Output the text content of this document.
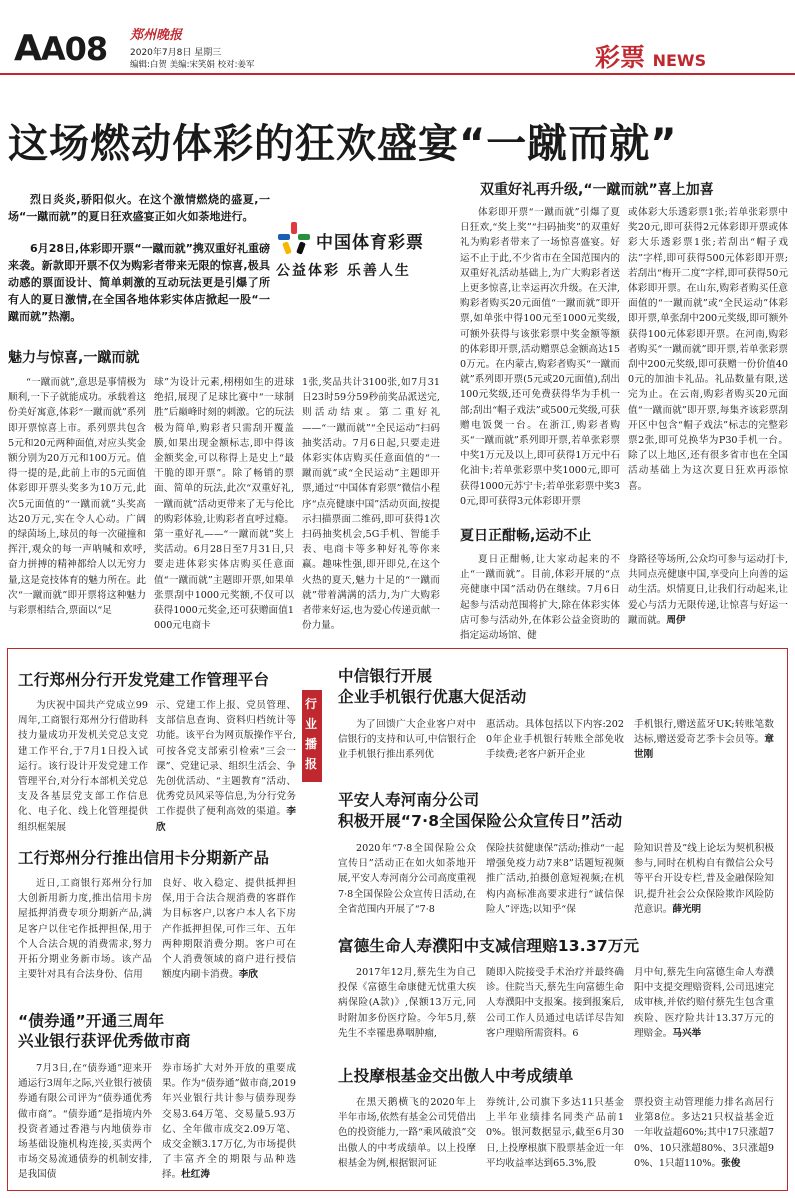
AA08 郑州晚报
2020年7月8日 星期三
编辑:白贺 美编:宋笑娟 校对:姜军	彩票 NEWS
这场燃动体彩的狂欢盛宴“一蹴而就”
烈日炎炎,骄阳似火。在这个激情燃烧的盛夏,一场“一蹴而就”的夏日狂欢盛宴正如火如荼地进行。
6月28日,体彩即开票“一蹴而就”携双重好礼重磅来袭。新款即开票不仅为购彩者带来无限的惊喜,极具动感的票面设计、简单刺激的互动玩法更是引爆了所有人的夏日激情,在全国各地体彩实体店掀起一股“一蹴而就”热潮。
中国体育彩票
公益体彩 乐善人生
魅力与惊喜,一蹴而就
“一蹴而就”,意思是事情极为顺利,一下子就能成功。承载着这份美好寓意,体彩“一蹴而就”系列即开票惊喜上市。系列票共包含5元和20元两种面值,对应头奖金额分别为20万元和100万元。值得一提的是,此前上市的5元面值体彩即开票头奖多为10万元,此次5元面值的“一蹴而就”头奖高达20万元,实在令人心动。广阔的绿茵场上,球员的每一次碰撞和挥汗,观众的每一声呐喊和欢呼,奋力拼搏的精神都给人以无穷力量,这是竞技体育的魅力所在。此次“一蹴而就”即开票将这种魅力与彩票相结合,票面以“足
球”为设计元素,栩栩如生的进球绝招,展现了足球比赛中“一球制胜”后巅峰时刻的刺激。它的玩法极为简单,购彩者只需刮开覆盖膜,如果出现金额标志,即中得该金额奖金,可以称得上是史上“最干脆的即开票”。除了畅销的票面、简单的玩法,此次“双重好礼,一蹴而就”活动更带来了无与伦比的购彩体验,让购彩者直呼过瘾。第一重好礼——“一蹴而就”奖上奖活动。6月28日至7月31日,只要走进体彩实体店购买任意面值“一蹴而就”主题即开票,如果单张票刮中1000元奖额,不仅可以获得1000元奖金,还可获赠面值1000元电商卡
1张,奖品共计3100张,如7月31日23时59分59秒前奖品派送完,则活动结束。第二重好礼——“一蹴而就”“全民运动”扫码抽奖活动。7月6日起,只要走进体彩实体店购买任意面值的“一蹴而就”或“全民运动”主题即开票,通过“中国体育彩票”微信小程序“点亮健康中国”活动页面,按提示扫描票面二维码,即可获得1次扫码抽奖机会,5G手机、智能手表、电商卡等多种好礼等你来赢。趣味性强,即开即兑,在这个火热的夏天,魅力十足的“一蹴而就”带着满满的活力,为广大购彩者带来好运,也为爱心传递贡献一份力量。
双重好礼再升级,“一蹴而就”喜上加喜
体彩即开票“一蹴而就”引爆了夏日狂欢,“奖上奖”“扫码抽奖”的双重好礼为购彩者带来了一场惊喜盛宴。好运不止于此,不少省市在全国范围内的双重好礼活动基础上,为广大购彩者送上更多惊喜,让幸运再次升级。在天津,购彩者购买20元面值“一蹴而就”即开票,如单张中得100元至1000元奖级,可额外获得与该张彩票中奖金额等额的体彩即开票,活动赠票总金额高达150万元。在内蒙古,购彩者购买“一蹴而就”系列即开票(5元或20元面值),刮出100元奖级,还可免费获得华为手机一部;刮出“帽子戏法”或500元奖级,可获赠电饭煲一台。在浙江,购彩者购买“一蹴而就”系列即开票,若单张彩票中奖1万元及以上,即可获得1万元中石化油卡;若单张彩票中奖1000元,即可获得1000元苏宁卡;若单张彩票中奖30元,即可获得3元体彩即开票
或体彩大乐透彩票1张;若单张彩票中奖20元,即可获得2元体彩即开票或体彩大乐透彩票1张;若刮出“帽子戏法”字样,即可获得500元体彩即开票;若刮出“梅开二度”字样,即可获得50元体彩即开票。在山东,购彩者购买任意面值的“一蹴而就”或“全民运动”体彩即开票,单张刮中200元奖级,即可额外获得100元体彩即开票。在河南,购彩者购买“一蹴而就”即开票,若单张彩票刮中200元奖级,即可获赠一份价值400元的加油卡礼品。礼品数量有限,送完为止。在云南,购彩者购买20元面值“一蹴而就”即开票,每集齐该彩票刮开区中包含“帽子戏法”标志的完整彩票2张,即可兑换华为P30手机一台。除了以上地区,还有很多省市也在全国活动基础上为这次夏日狂欢再添惊喜。
夏日正酣畅,运动不止
夏日正酣畅,让大家动起来的不止“一蹴而就”。目前,体彩开展的“点亮健康中国”活动仍在继续。7月6日起参与活动范围将扩大,除在体彩实体店可参与活动外,在体彩公益金资助的指定运动场馆、健
身路径等场所,公众均可参与运动打卡,共同点亮健康中国,享受向上向善的运动生活。炽情夏日,让我们行动起来,让爱心与活力无限传递,让惊喜与好运一蹴而就。周伊
行业播报
工行郑州分行开发党建工作管理平台
为庆祝中国共产党成立99周年,工商银行郑州分行借助科技力量成功开发机关党总支党建工作平台,于7月1日投入试运行。该行设计开发党建工作管理平台,对分行本部机关党总支及各基层党支部工作信息化、电子化、线上化管理提供组织框架展
示、党建工作上报、党员管理、支部信息查询、资料归档统计等功能。该平台为网页版操作平台,可按各党支部索引检索“三会一课”、党建记录、组织生活会、争先创优活动、“主题教育”活动、优秀党员风采等信息,为分行党务工作提供了便利高效的渠道。李欣
工行郑州分行推出信用卡分期新产品
近日,工商银行郑州分行加大创新用新力度,推出信用卡房屋抵押消费专项分期新产品,满足客户以住宅作抵押担保,用于个人合法合规的消费需求,努力开拓分期业务新市场。该产品主要针对具有合法身份、信用
良好、收入稳定、提供抵押担保,用于合法合规消费的客群作为目标客户,以客户本人名下房产作抵押担保,可作三年、五年两种期限消费分期。客户可在个人消费领域的商户进行授信额度内刷卡消费。李欣
“债券通”开通三周年
兴业银行获评优秀做市商
7月3日,在“债券通”迎来开通运行3周年之际,兴业银行被债券通有限公司评为“债券通优秀做市商”。“债券通”是指境内外投资者通过香港与内地债券市场基础设施机构连接,买卖两个市场交易流通债券的机制安排,是我国债
券市场扩大对外开放的重要成果。作为“债券通”做市商,2019年兴业银行共计参与债券现券交易3.64万笔、交易量5.93万亿、全年做市成交2.09万笔、成交金额3.17万亿,为市场提供了丰富齐全的期限与品种选择。杜红涛
中信银行开展
企业手机银行优惠大促活动
为了回馈广大企业客户对中信银行的支持和认可,中信银行企业手机银行推出系列优
惠活动。具体包括以下内容:2020年企业手机银行转账全部免收手续费;老客户新开企业
手机银行,赠送蓝牙UK;转账笔数达标,赠送爱奇艺季卡会员等。章世刚
平安人寿河南分公司
积极开展“7·8全国保险公众宣传日”活动
2020年“7·8全国保险公众宣传日”活动正在如火如荼地开展,平安人寿河南分公司高度重视7·8全国保险公众宣传日活动,在全省范围内开展了“7·8
保险扶贫健康保”活动;推动“一起增强免疫力动7来8”话题短视频推广活动,拍摄创意短视频;在机构内高标准高要求进行“诚信保险人”评选;以知乎“保
险知识普及”线上论坛为契机积极参与,同时在机构自有微信公众号等平台开设专栏,普及金融保险知识,提升社会公众保险欺诈风险防范意识。薛光明
富德生命人寿濮阳中支减信理赔13.37万元
2017年12月,蔡先生为自己投保《富德生命康健无忧重大疾病保险(A款)》,保额13万元,同时附加多份医疗险。今年5月,蔡先生不幸罹患鼻咽肿瘤,
随即入院接受手术治疗并最终确诊。住院当天,蔡先生向富德生命人寿濮阳中支报案。接到报案后,公司工作人员通过电话详尽告知客户理赔所需资料。6
月中旬,蔡先生向富德生命人寿濮阳中支提交理赔资料,公司迅速完成审核,并依约赔付蔡先生包含重疾险、医疗险共计13.37万元的理赔金。马兴举
上投摩根基金交出傲人中考成绩单
在黑天鹅横飞的2020年上半年市场,依然有基金公司凭借出色的投资能力,一路“乘风破浪”交出傲人的中考成绩单。以上投摩根基金为例,根据银河证
券统计,公司旗下多达11只基金上半年业绩排名同类产品前10%。银河数据显示,截至6月30日,上投摩根旗下股票基金近一年平均收益率达到65.3%,股
票投资主动管理能力排名高居行业第8位。多达21只权益基金近一年收益超60%;其中17只涨超70%、10只涨超80%、3只涨超90%、1只超110%。张俊
